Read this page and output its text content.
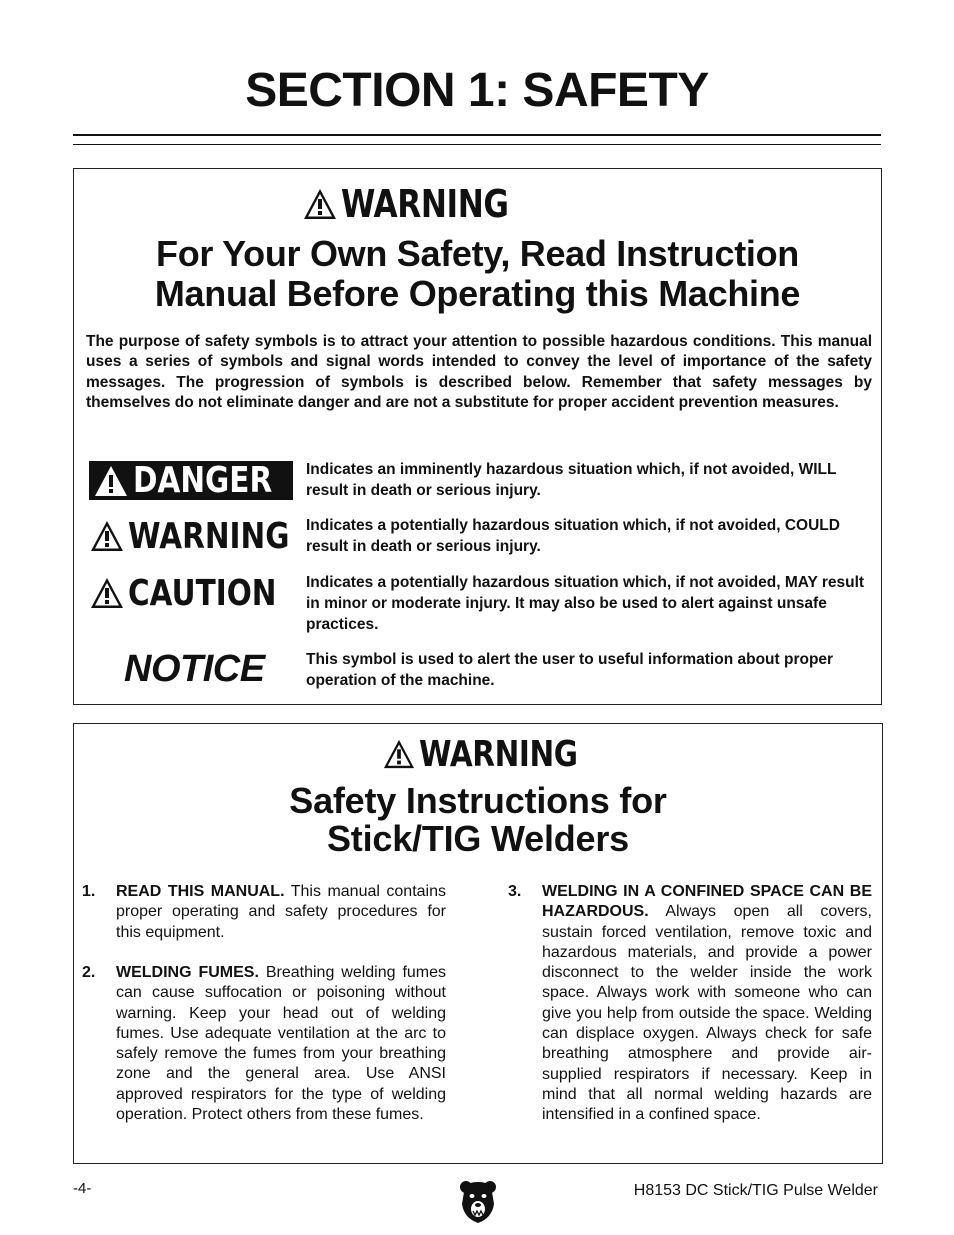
SECTION 1: SAFETY
WARNING
For Your Own Safety, Read Instruction
Manual Before Operating this Machine
The purpose of safety symbols is to attract your attention to possible hazardous conditions. This manual uses a series of symbols and signal words intended to convey the level of importance of the safety messages. The progression of symbols is described below. Remember that safety messages by themselves do not eliminate danger and are not a substitute for proper accident prevention measures.
DANGER Indicates an imminently hazardous situation which, if not avoided, WILL result in death or serious injury.
WARNING Indicates a potentially hazardous situation which, if not avoided, COULD result in death or serious injury.
CAUTION Indicates a potentially hazardous situation which, if not avoided, MAY result in minor or moderate injury. It may also be used to alert against unsafe practices.
NOTICE	This symbol is used to alert the user to useful information about proper operation of the machine.
WARNING
Safety Instructions for
Stick/TIG Welders
1. READ THIS MANUAL. This manual contains proper operating and safety procedures for this equipment.
2. WELDING FUMES. Breathing welding fumes can cause suffocation or poisoning without warning. Keep your head out of welding fumes. Use adequate ventilation at the arc to safely remove the fumes from your breathing zone and the general area. Use ANSI approved respirators for the type of welding operation. Protect others from these fumes.
3. WELDING IN A CONFINED SPACE CAN BE HAZARDOUS. Always open all covers, sustain forced ventilation, remove toxic and hazardous materials, and provide a power disconnect to the welder inside the work space. Always work with someone who can give you help from outside the space. Welding can displace oxygen. Always check for safe breathing atmosphere and provide air-supplied respirators if necessary. Keep in mind that all normal welding hazards are intensified in a confined space.
-4-	H8153 DC Stick/TIG Pulse Welder
